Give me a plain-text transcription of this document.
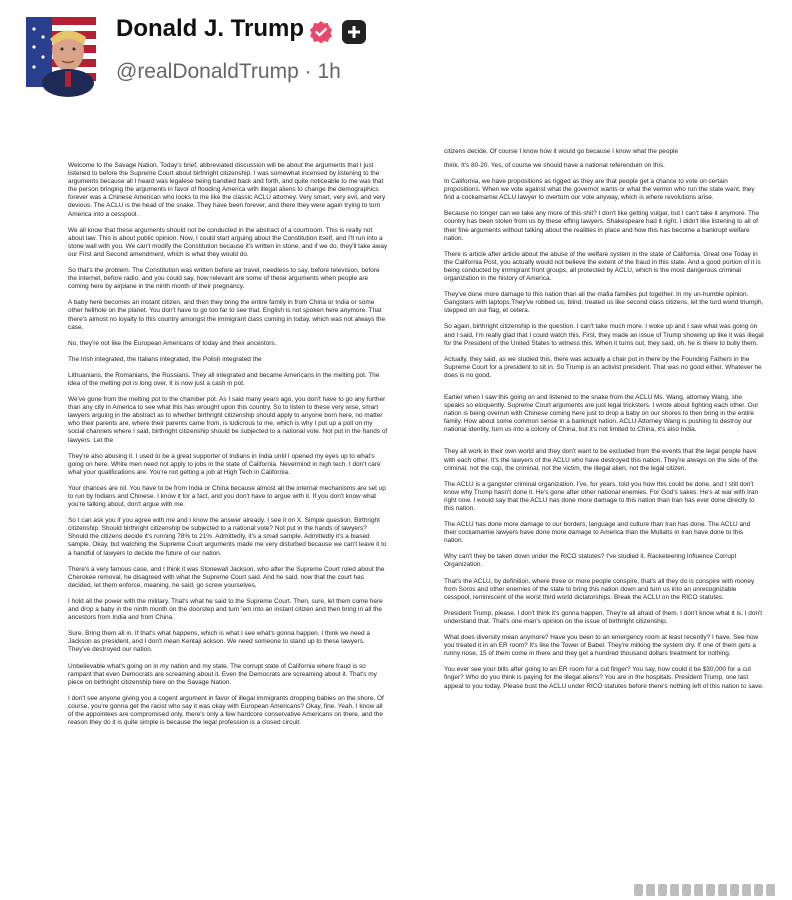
Donald J. Trump
@realDonaldTrump · 1h

citizens decide. Of course I know how it would go because I know what the people

Welcome to the Savage Nation. Today's brief, abbreviated discussion will be about the arguments that I just listened to before the Supreme Court about birthright citizenship. I was somewhat incensed by listening to the arguments because all I heard was legalese being bandied back and forth, and quite noticeable to me was that the person bringing the arguments in favor of flooding America with illegal aliens to change the demographics forever was a Chinese American who looks to me like the classic ACLU attorney. Very smart, very evil, and very devious. The ACLU is the head of the snake. They have been forever, and there they were again trying to turn America into a cesspool.

We all know that these arguments should not be conducted in the abstract of a courtroom. This is really not about law. This is about public opinion. Now, I could start arguing about the Constitution itself, and I'll run into a stone wall with you. We can't modify the Constitution because it's written in stone, and if we do, they'll take away our First and Second amendment, which is what they would do.

So that's the problem. The Constitution was written before air travel, needless to say, before television, before the internet, before radio, and you could say, how relevant are some of these arguments when people are coming here by airplane in the ninth month of their pregnancy.

A baby here becomes an instant citizen, and then they bring the entire family in from China or India or some other hellhole on the planet. You don't have to go too far to see that. English is not spoken here anymore. That there's almost no loyalty to this country amongst the immigrant class coming in today, which was not always the case.

No, they're not like the European Americans of today and their ancestors.

The Irish integrated, the Italians integrated, the Polish integrated the

Lithuanians, the Romanians, the Russians. They all integrated and became Americans in the melting pot. The idea of the melting pot is long over. It is now just a cash in pot.

We've gone from the melting pot to the chamber pot. As I said many years ago, you don't have to go any further than any city in America to see what this has wrought upon this country. So to listen to these very wise, smart lawyers arguing in the abstract as to whether birthright citizenship should apply to anyone born here, no matter who their parents are, where their parents came from, is ludicrous to me, which is why I put up a poll on my social channels where I said, birthright citizenship should be subjected to a national vote. Not put in the hands of lawyers. Let the

They're also abusing it. I used to be a great supporter of Indians in India until I opened my eyes up to what's going on here. White men need not apply to jobs in the state of California. Nevermind in high tech. I don't care what your qualifications are. You're not getting a job at High Tech in California.

Your chances are nil. You have to be from India or China because almost all the internal mechanisms are set up to run by Indians and Chinese. I know it for a fact, and you don't have to argue with it. If you don't know what you're talking about, don't argue with me.

So I can ask you if you agree with me and I know the answer already. I see it on X. Simple question. Birthright citizenship. Should birthright citizenship be subjected to a national vote? Not put in the hands of lawyers? Should the citizens decide it's running 78% to 21%. Admittedly, it's a small sample. Admittedly it's a biased sample. Okay, but watching the Supreme Court arguments made me very disturbed because we can't leave it to a handful of lawyers to decide the future of our nation.

There's a very famous case, and I think it was Stonewall Jackson, who after the Supreme Court ruled about the Cherokee removal, he disagreed with what the Supreme Court said. And he said, now that the court has decided, let them enforce, meaning, he said, go screw yourselves.

I hold all the power with the military. That's what he said to the Supreme Court. Then, sure, let them come here and drop a baby in the ninth month on the doorstep and turn 'em into an instant citizen and then bring in all the ancestors from India and from China.

Sure. Bring them all in. If that's what happens, which is what I see what's gonna happen. I think we need a Jackson as president, and I don't mean Kentaji ackson. We need someone to stand up to these lawyers. They've destroyed our nation.

Unbelievable what's going on in my nation and my state. The corrupt state of California where fraud is so rampant that even Democrats are screaming about it. Even the Democrats are screaming about it. That's my piece on birthright citizenship here on the Savage Nation.

I don't see anyone giving you a cogent argument in favor of illegal immigrants dropping babies on the shore. Of course, you're gonna get the racist who say it was okay with European Americans? Okay, fine. Yeah, I know all of the appointees are compromised only, there's only a few hardcore conservative Americans on there, and the reason they do it is quite simple is because the legal profession is a closed circuit.

think. It's 80-20. Yes, of course we should have a national referendum on this.

In California, we have propositions as rigged as they are that people get a chance to vote on certain propositions. When we vote against what the governor wants or what the vermin who run the state want, they find a cockamamie ACLU lawyer to overturn our vote anyway, which is where revolutions arise.

Because no longer can we take any more of this shit? I don't like getting vulgar, but I can't take it anymore. The country has been stolen from us by these effing lawyers. Shakespeare had it right. I didn't like listening to all of their fine arguments without talking about the realities in place and how this has become a bankrupt welfare nation.

There is article after article about the abuse of the welfare system in the state of California. Great one Today in the California Post, you actually would not believe the extent of the fraud in this state. And a good portion of it is being conducted by immigrant front groups, all protected by ACLU, which is the most dangerous criminal organization in the history of America.

They've done more damage to this nation than all the mafia families put together. In my un-humble opinion. Gangsters with laptops.They've robbed us, blind, treated us like second class citizens, let the turd world triumph, stepped on our flag, et cetera.

So again, birthright citizenship is the question. I can't take much more. I woke up and I saw what was going on and I said, I'm really glad that I could watch this. First, they made an issue of Trump showing up like it was illegal for the President of the United States to witness this. When it turns out, they said, oh, he is there to bully them.

Actually, they said, as we studied this, there was actually a chair put in there by the Founding Fathers in the Supreme Court for a president to sit in. So Trump is an activist president. That was no good either. Whatever he does is no good.

Earlier when I saw this going on and listened to the snake from the ACLU Ms. Wang, attorney Wang, she speaks so eloquently. Supreme Court arguments are just legal tricksters. I wrote about fighting each other. Our nation is being overrun with Chinese coming here just to drop a baby on our shores to then bring in the entire family. How about some common sense in a bankrupt nation. ACLU Attorney Wang is pushing to destroy our national identity, turn us into a colony of China, but it's not limited to China, it's also India.

They all work in their own world and they don't want to be excluded from the events that the legal people have with each other. It's the lawyers of the ACLU who have destroyed this nation. They're always on the side of the criminal, not the cop, the criminal, not the victim, the illegal alien, not the legal citizen.

The ACLU is a gangster criminal organization. I've, for years, told you how this could be done, and I still don't know why Trump hasn't done it. He's gone after other national enemies. For God's sakes. He's at war with Iran right now. I would say that the ACLU has done more damage to this nation than Iran has ever done directly to this nation.

The ACLU has done more damage to our borders, language and culture than Iran has done. The ACLU and their cockamamie lawyers have done more damage to America than the Mullahs in Iran have done to this nation.

Why can't they be taken down under the RICO statutes? I've studied it. Racketeering Influence Corrupt Organization.

That's the ACLU, by definition, where three or more people conspire, that's all they do is conspire with money from Soros and other enemies of the state to bring this nation down and turn us into an unrecognizable cesspool, reminiscent of the worst third world dictatorships. Break the ACLU on the RICO statutes.

President Trump, please. I don't think it's gonna happen. They're all afraid of them. I don't know what it is. I don't understand that. That's one man's opinion on the issue of birthright citizenship.

What does diversity mean anymore? Have you been to an emergency room at least recently? I have. See how you treated it in an ER room? It's like the Tower of Babel. They're milking the system dry. If one of them gets a runny nose, 15 of them come in there and they get a hundred thousand dollars treatment for nothing.

You ever see your bills after going to an ER room for a cut finger? You say, how could it be $30,000 for a cut finger? Who do you think is paying for the illegal aliens? You are in the hospitals. President Trump, one last appeal to you today. Please bust the ACLU under RICO statutes before there's nothing left of this nation to save.
